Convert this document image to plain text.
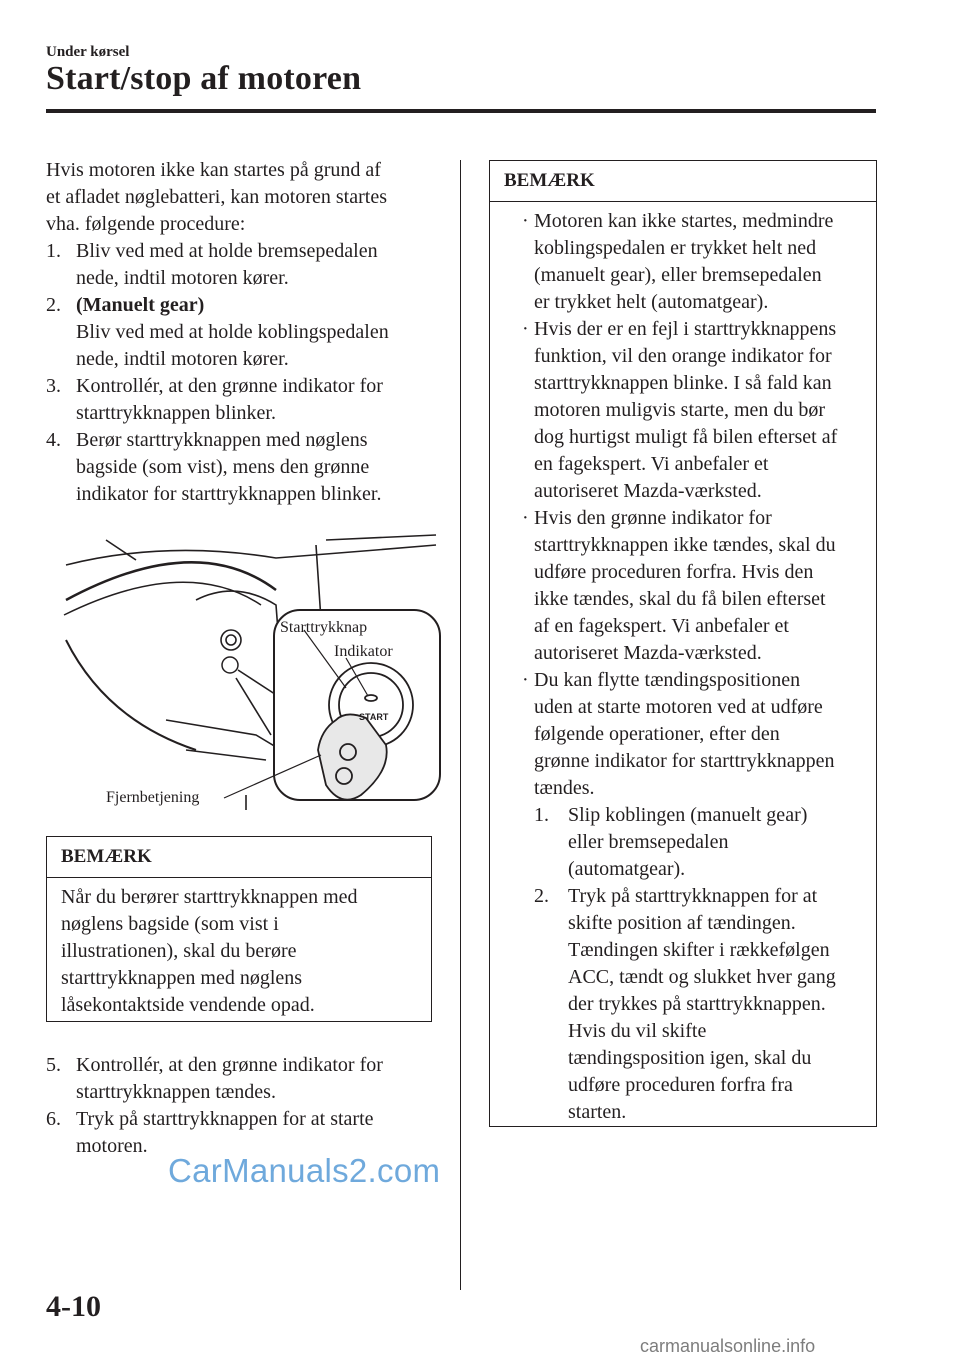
Under kørsel
Start/stop af motoren

Hvis motoren ikke kan startes på grund af

et afladet nøglebatteri, kan motoren startes

vha. følgende procedure:

1. Bliv ved med at holde bremsepedalen
nede, indtil motoren kører.
2. (Manuelt gear)
Bliv ved med at holde koblingspedalen
nede, indtil motoren kører.
3. Kontrollér, at den grønne indikator for
starttrykknappen blinker.
4. Berør starttrykknappen med nøglens
bagside (som vist), mens den grønne
indikator for starttrykknappen blinker.
Starttrykknap
Indikator
Fjernbetjening
START
BEMÆRK
Når du berører starttrykknappen med
nøglens bagside (som vist i
illustrationen), skal du berøre
starttrykknappen med nøglens
låsekontaktside vendende opad.
5. Kontrollér, at den grønne indikator for
starttrykknappen tændes.
6. Tryk på starttrykknappen for at starte
motoren.
BEMÆRK
· Motoren kan ikke startes, medmindre
koblingspedalen er trykket helt ned
(manuelt gear), eller bremsepedalen
er trykket helt (automatgear).
· Hvis der er en fejl i starttrykknappens
funktion, vil den orange indikator for
starttrykknappen blinke. I så fald kan
motoren muligvis starte, men du bør
dog hurtigst muligt få bilen efterset af
en fagekspert. Vi anbefaler et
autoriseret Mazda-værksted.
· Hvis den grønne indikator for
starttrykknappen ikke tændes, skal du
udføre proceduren forfra. Hvis den
ikke tændes, skal du få bilen efterset
af en fagekspert. Vi anbefaler et
autoriseret Mazda-værksted.
· Du kan flytte tændingspositionen
uden at starte motoren ved at udføre
følgende operationer, efter den
grønne indikator for starttrykknappen
tændes.
1. Slip koblingen (manuelt gear)
eller bremsepedalen
(automatgear).
2. Tryk på starttrykknappen for at
skifte position af tændingen.
Tændingen skifter i rækkefølgen
ACC, tændt og slukket hver gang
der trykkes på starttrykknappen.
Hvis du vil skifte
tændingsposition igen, skal du
udføre proceduren forfra fra
starten.
4-10
CarManuals2.com
carmanualsonline.info
